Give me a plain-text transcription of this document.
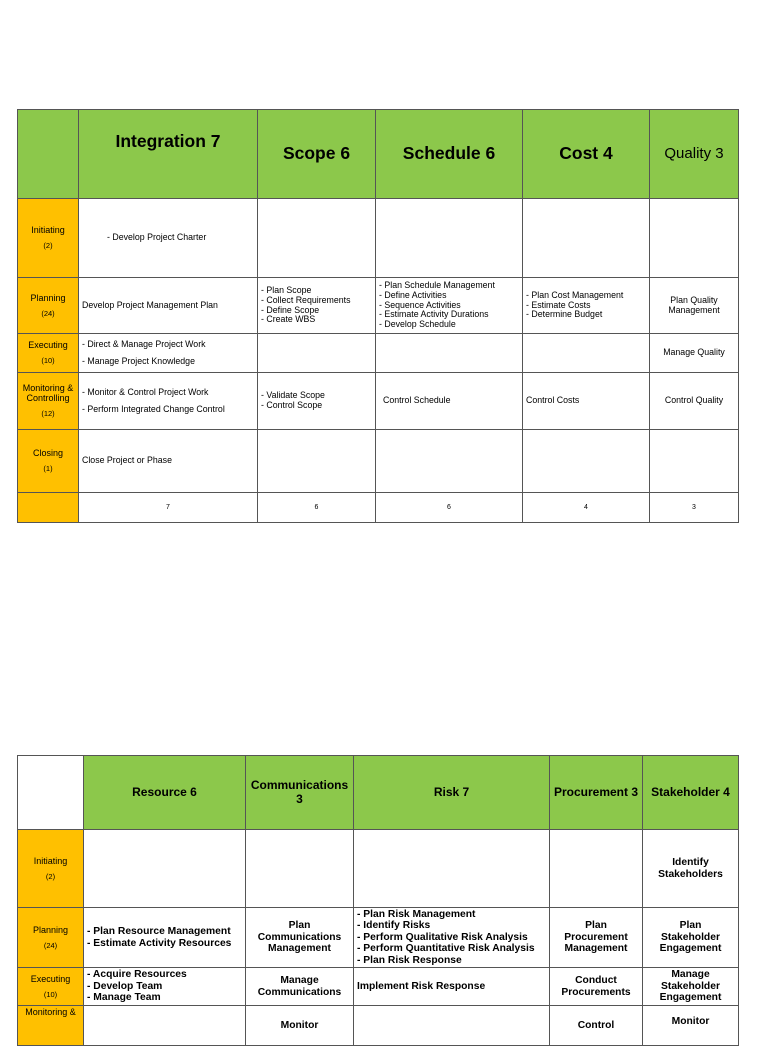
	Integration 7	Scope 6	Schedule 6	Cost 4	Quality 3

Initiating
(2)	- Develop Project Charter				

Planning
(24)	Develop Project Management Plan	- Plan Scope
- Collect Requirements
- Define Scope
- Create WBS	- Plan Schedule Management
- Define Activities
- Sequence Activities
- Estimate Activity Durations
- Develop Schedule	- Plan Cost Management
- Estimate Costs
- Determine Budget	Plan Quality
Management

Executing
(10)	- Direct & Manage Project Work
- Manage Project Knowledge				Manage Quality

Monitoring & Controlling
(12)	- Monitor & Control Project Work
- Perform Integrated Change Control	- Validate Scope
- Control Scope	Control Schedule	Control Costs	Control Quality

Closing
(1)	Close Project or Phase				
	7	6	6	4	3
	Resource 6	Communications 3	Risk 7	Procurement 3	Stakeholder 4

Initiating
(2)					Identify
Stakeholders

Planning
(24)	- Plan Resource Management
- Estimate Activity Resources	Plan
Communications
Management	- Plan Risk Management
- Identify Risks
- Perform Qualitative Risk Analysis
- Perform Quantitative Risk Analysis
- Plan Risk Response	Plan
Procurement
Management	Plan
Stakeholder
Engagement

Executing
(10)	- Acquire Resources
- Develop Team
- Manage Team	Manage
Communications	Implement Risk Response	Conduct
Procurements	Manage
Stakeholder
Engagement

Monitoring &		Monitor		Control	Monitor
